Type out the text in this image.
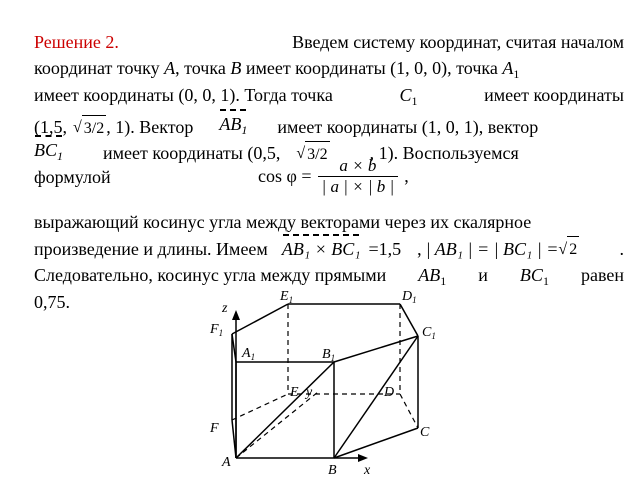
Решение 2.	Введем систему координат, считая началом
координат точку A, точка B имеет координаты (1, 0, 0), точка $A_1$
имеет координаты (0, 0, 1). Тогда точка	$C_1$	имеет координаты
(1,5, √ 3/2 , 1). Вектор $AB_1$ имеет координаты (1, 0, 1), вектор
$BC_1$ имеет координаты (0,5, √ 3/2 , 1). Воспользуемся
формулой	$\cos \varphi = \frac{a \times b}{| a | \times | b |}$ ,
выражающий косинус угла между векторами через их скалярное
произведение и длины. Имеем AB₁ × BC₁ =1,5 , | AB₁ | = | BC₁ | = √ 2 .
Следовательно, косинус угла между прямыми $AB_1$ и $BC_1$ равен
0,75.	z
x
y
$E_1$	$D_1$
$F_1$	$C_1$
$A_1$	$B_1$
E	D
F	C
A
B
